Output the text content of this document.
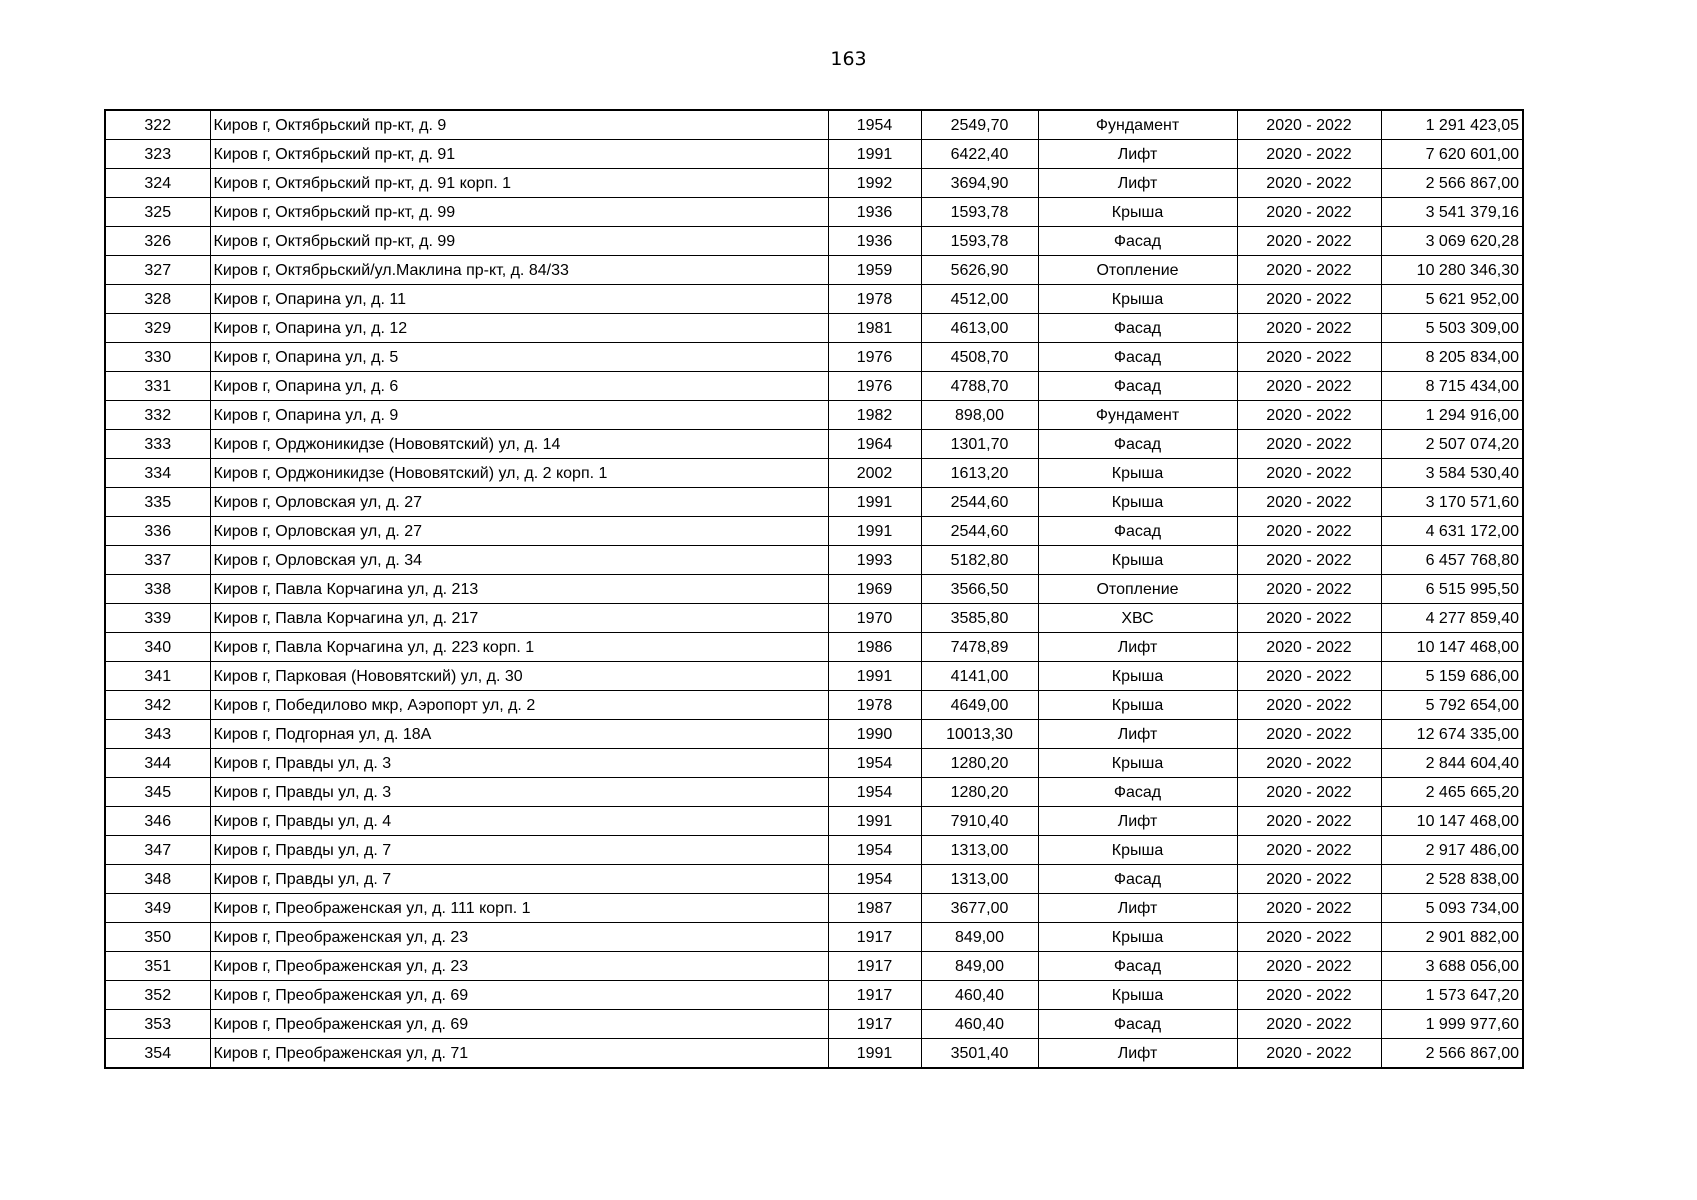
163
322	Киров г, Октябрьский пр-кт, д. 9	1954	2549,70	Фундамент	2020 - 2022	1 291 423,05
323	Киров г, Октябрьский пр-кт, д. 91	1991	6422,40	Лифт	2020 - 2022	7 620 601,00
324	Киров г, Октябрьский пр-кт, д. 91 корп. 1	1992	3694,90	Лифт	2020 - 2022	2 566 867,00
325	Киров г, Октябрьский пр-кт, д. 99	1936	1593,78	Крыша	2020 - 2022	3 541 379,16
326	Киров г, Октябрьский пр-кт, д. 99	1936	1593,78	Фасад	2020 - 2022	3 069 620,28
327	Киров г, Октябрьский/ул.Маклина пр-кт, д. 84/33	1959	5626,90	Отопление	2020 - 2022	10 280 346,30
328	Киров г, Опарина ул, д. 11	1978	4512,00	Крыша	2020 - 2022	5 621 952,00
329	Киров г, Опарина ул, д. 12	1981	4613,00	Фасад	2020 - 2022	5 503 309,00
330	Киров г, Опарина ул, д. 5	1976	4508,70	Фасад	2020 - 2022	8 205 834,00
331	Киров г, Опарина ул, д. 6	1976	4788,70	Фасад	2020 - 2022	8 715 434,00
332	Киров г, Опарина ул, д. 9	1982	898,00	Фундамент	2020 - 2022	1 294 916,00
333	Киров г, Орджоникидзе (Нововятский) ул, д. 14	1964	1301,70	Фасад	2020 - 2022	2 507 074,20
334	Киров г, Орджоникидзе (Нововятский) ул, д. 2 корп. 1	2002	1613,20	Крыша	2020 - 2022	3 584 530,40
335	Киров г, Орловская ул, д. 27	1991	2544,60	Крыша	2020 - 2022	3 170 571,60
336	Киров г, Орловская ул, д. 27	1991	2544,60	Фасад	2020 - 2022	4 631 172,00
337	Киров г, Орловская ул, д. 34	1993	5182,80	Крыша	2020 - 2022	6 457 768,80
338	Киров г, Павла Корчагина ул, д. 213	1969	3566,50	Отопление	2020 - 2022	6 515 995,50
339	Киров г, Павла Корчагина ул, д. 217	1970	3585,80	ХВС	2020 - 2022	4 277 859,40
340	Киров г, Павла Корчагина ул, д. 223 корп. 1	1986	7478,89	Лифт	2020 - 2022	10 147 468,00
341	Киров г, Парковая (Нововятский) ул, д. 30	1991	4141,00	Крыша	2020 - 2022	5 159 686,00
342	Киров г, Победилово мкр, Аэропорт ул, д. 2	1978	4649,00	Крыша	2020 - 2022	5 792 654,00
343	Киров г, Подгорная ул, д. 18А	1990	10013,30	Лифт	2020 - 2022	12 674 335,00
344	Киров г, Правды ул, д. 3	1954	1280,20	Крыша	2020 - 2022	2 844 604,40
345	Киров г, Правды ул, д. 3	1954	1280,20	Фасад	2020 - 2022	2 465 665,20
346	Киров г, Правды ул, д. 4	1991	7910,40	Лифт	2020 - 2022	10 147 468,00
347	Киров г, Правды ул, д. 7	1954	1313,00	Крыша	2020 - 2022	2 917 486,00
348	Киров г, Правды ул, д. 7	1954	1313,00	Фасад	2020 - 2022	2 528 838,00
349	Киров г, Преображенская ул, д. 111 корп. 1	1987	3677,00	Лифт	2020 - 2022	5 093 734,00
350	Киров г, Преображенская ул, д. 23	1917	849,00	Крыша	2020 - 2022	2 901 882,00
351	Киров г, Преображенская ул, д. 23	1917	849,00	Фасад	2020 - 2022	3 688 056,00
352	Киров г, Преображенская ул, д. 69	1917	460,40	Крыша	2020 - 2022	1 573 647,20
353	Киров г, Преображенская ул, д. 69	1917	460,40	Фасад	2020 - 2022	1 999 977,60
354	Киров г, Преображенская ул, д. 71	1991	3501,40	Лифт	2020 - 2022	2 566 867,00
